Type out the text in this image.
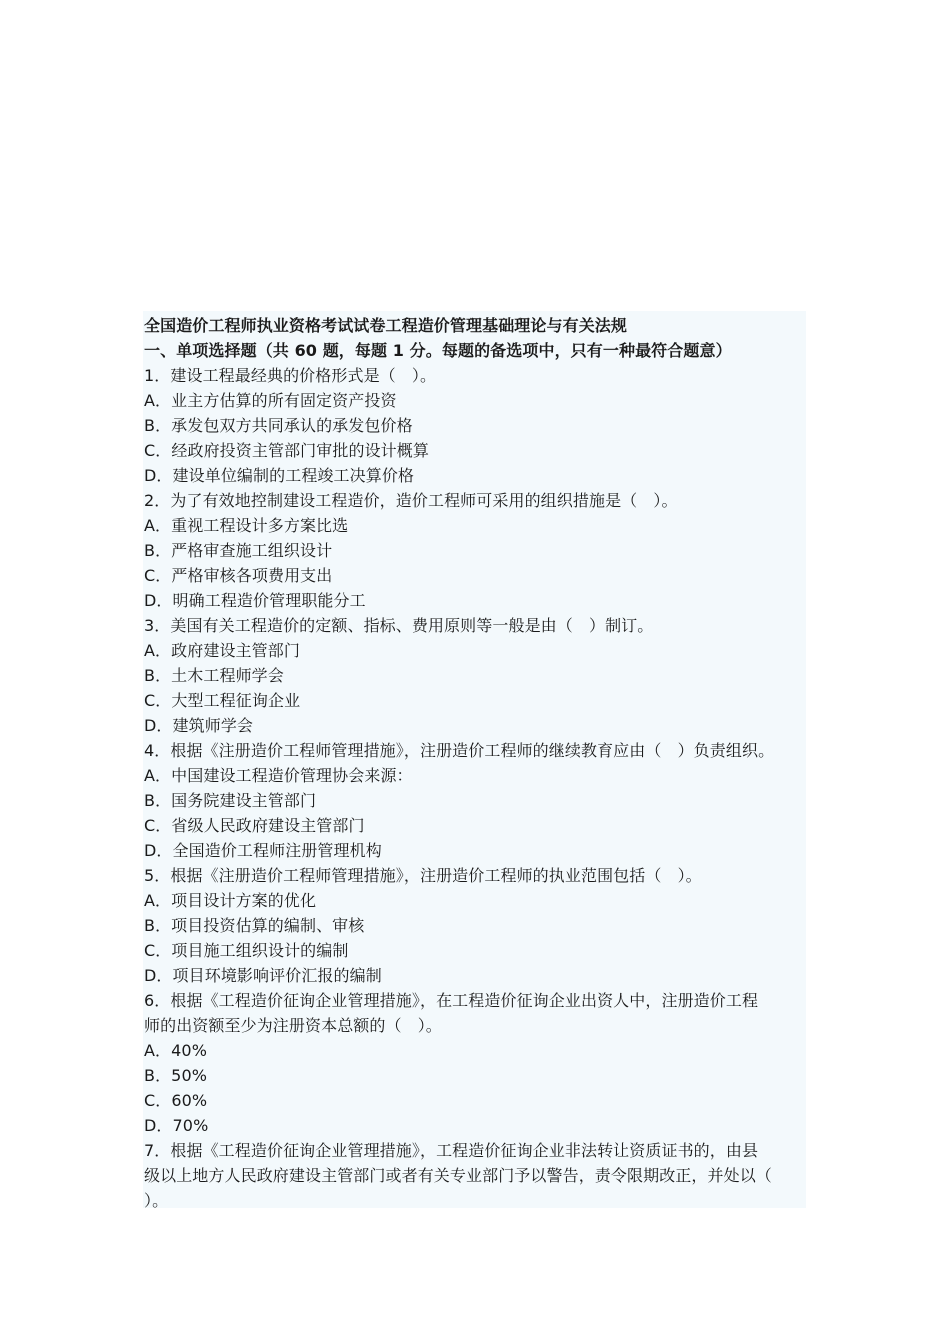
全国造价工程师执业资格考试试卷工程造价管理基础理论与有关法规
一、单项选择题（共 60 题，每题 1 分。每题的备选项中，只有一种最符合题意）
1．建设工程最经典的价格形式是（　）。
A．业主方估算的所有固定资产投资
B．承发包双方共同承认的承发包价格
C．经政府投资主管部门审批的设计概算
D．建设单位编制的工程竣工决算价格
2．为了有效地控制建设工程造价，造价工程师可采用的组织措施是（　）。
A．重视工程设计多方案比选
B．严格审查施工组织设计
C．严格审核各项费用支出
D．明确工程造价管理职能分工
3．美国有关工程造价的定额、指标、费用原则等一般是由（　）制订。
A．政府建设主管部门
B．土木工程师学会
C．大型工程征询企业
D．建筑师学会
4．根据《注册造价工程师管理措施》，注册造价工程师的继续教育应由（　）负责组织。
A．中国建设工程造价管理协会来源：
B．国务院建设主管部门
C．省级人民政府建设主管部门
D．全国造价工程师注册管理机构
5．根据《注册造价工程师管理措施》，注册造价工程师的执业范围包括（　）。
A．项目设计方案的优化
B．项目投资估算的编制、审核
C．项目施工组织设计的编制
D．项目环境影响评价汇报的编制
6．根据《工程造价征询企业管理措施》，在工程造价征询企业出资人中，注册造价工程
师的出资额至少为注册资本总额的（　）。
A．40%
B．50%
C．60%
D．70%
7．根据《工程造价征询企业管理措施》，工程造价征询企业非法转让资质证书的，由县
级以上地方人民政府建设主管部门或者有关专业部门予以警告，责令限期改正，并处以（
）。
